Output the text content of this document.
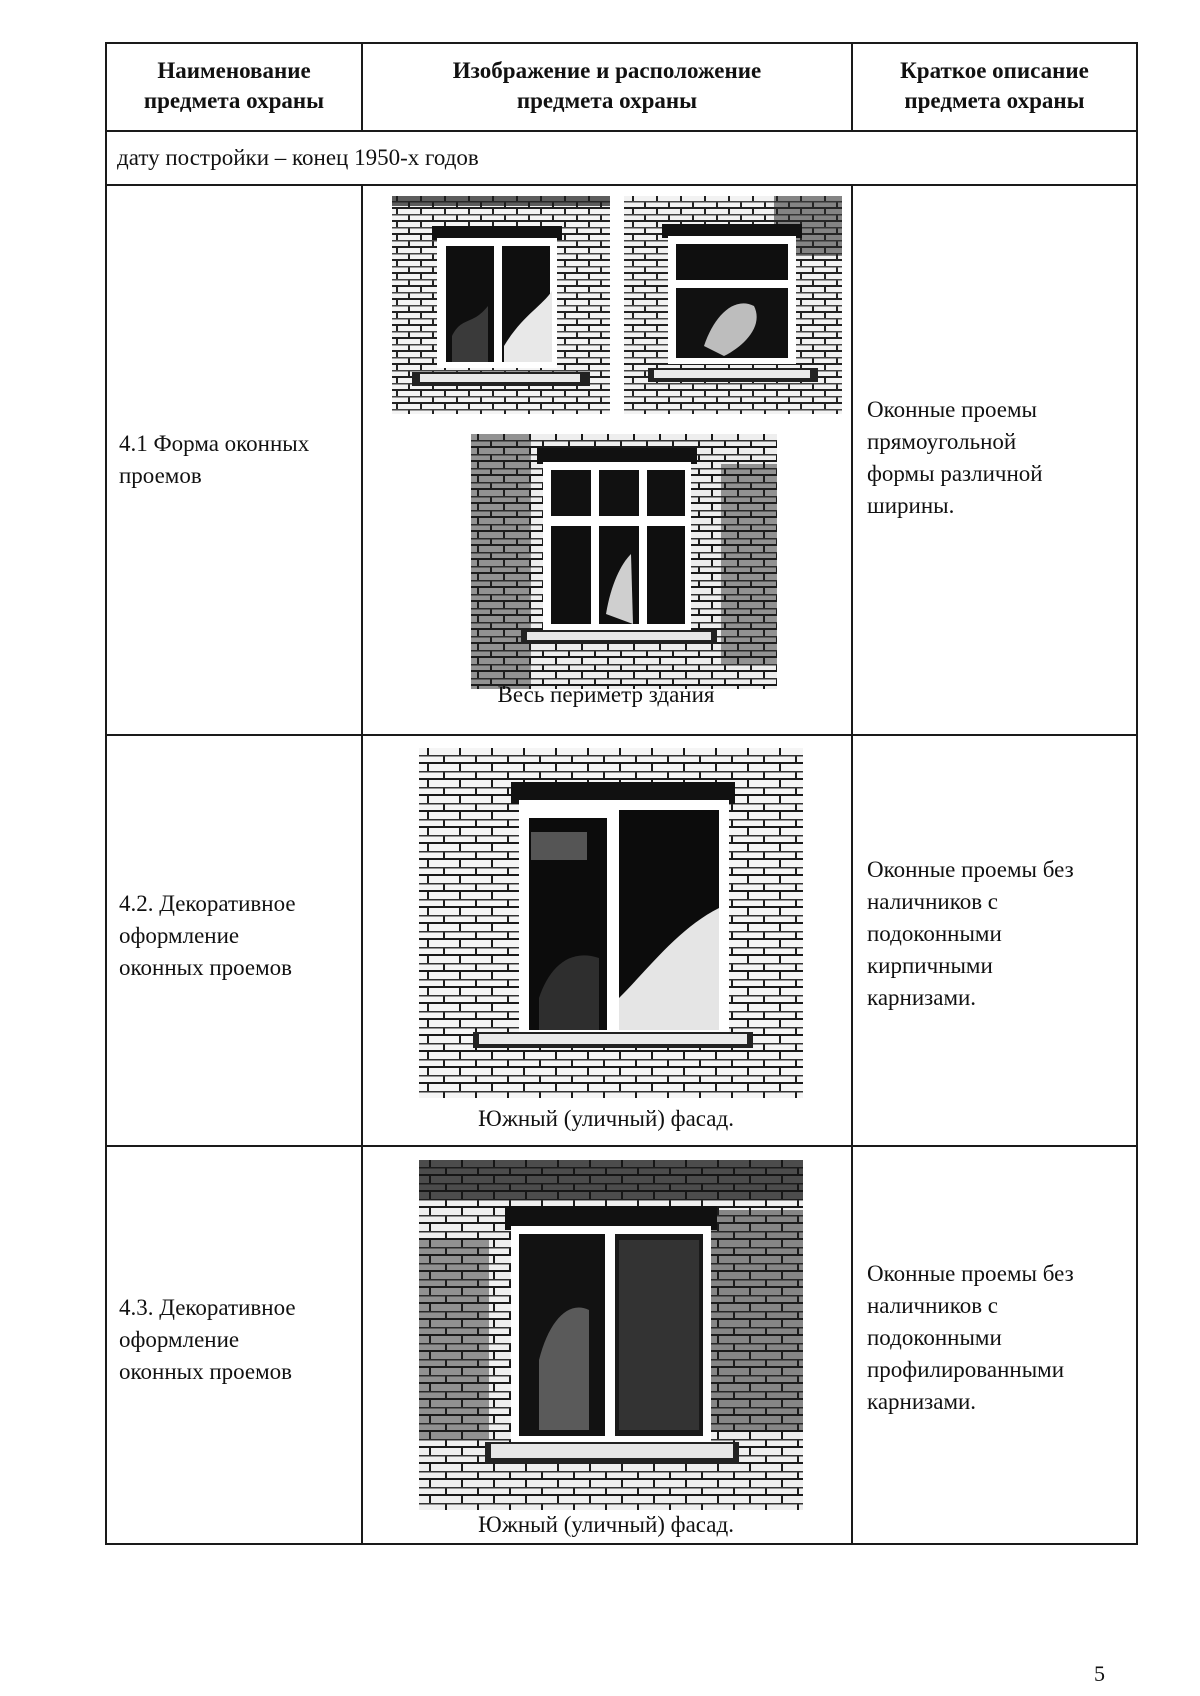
Наименование
предмета охраны
Изображение и расположение
предмета охраны
Краткое описание
предмета охраны
дату постройки – конец 1950-х годов
4.1 Форма оконных
проемов
Весь периметр здания
Оконные проемы
прямоугольной
формы различной
ширины.
4.2. Декоративное
оформление
оконных проемов
Южный (уличный) фасад.
Оконные проемы без
наличников с
подоконными
кирпичными
карнизами.
4.3. Декоративное
оформление
оконных проемов
Южный (уличный) фасад.
Оконные проемы без
наличников с
подоконными
профилированными
карнизами.
5
